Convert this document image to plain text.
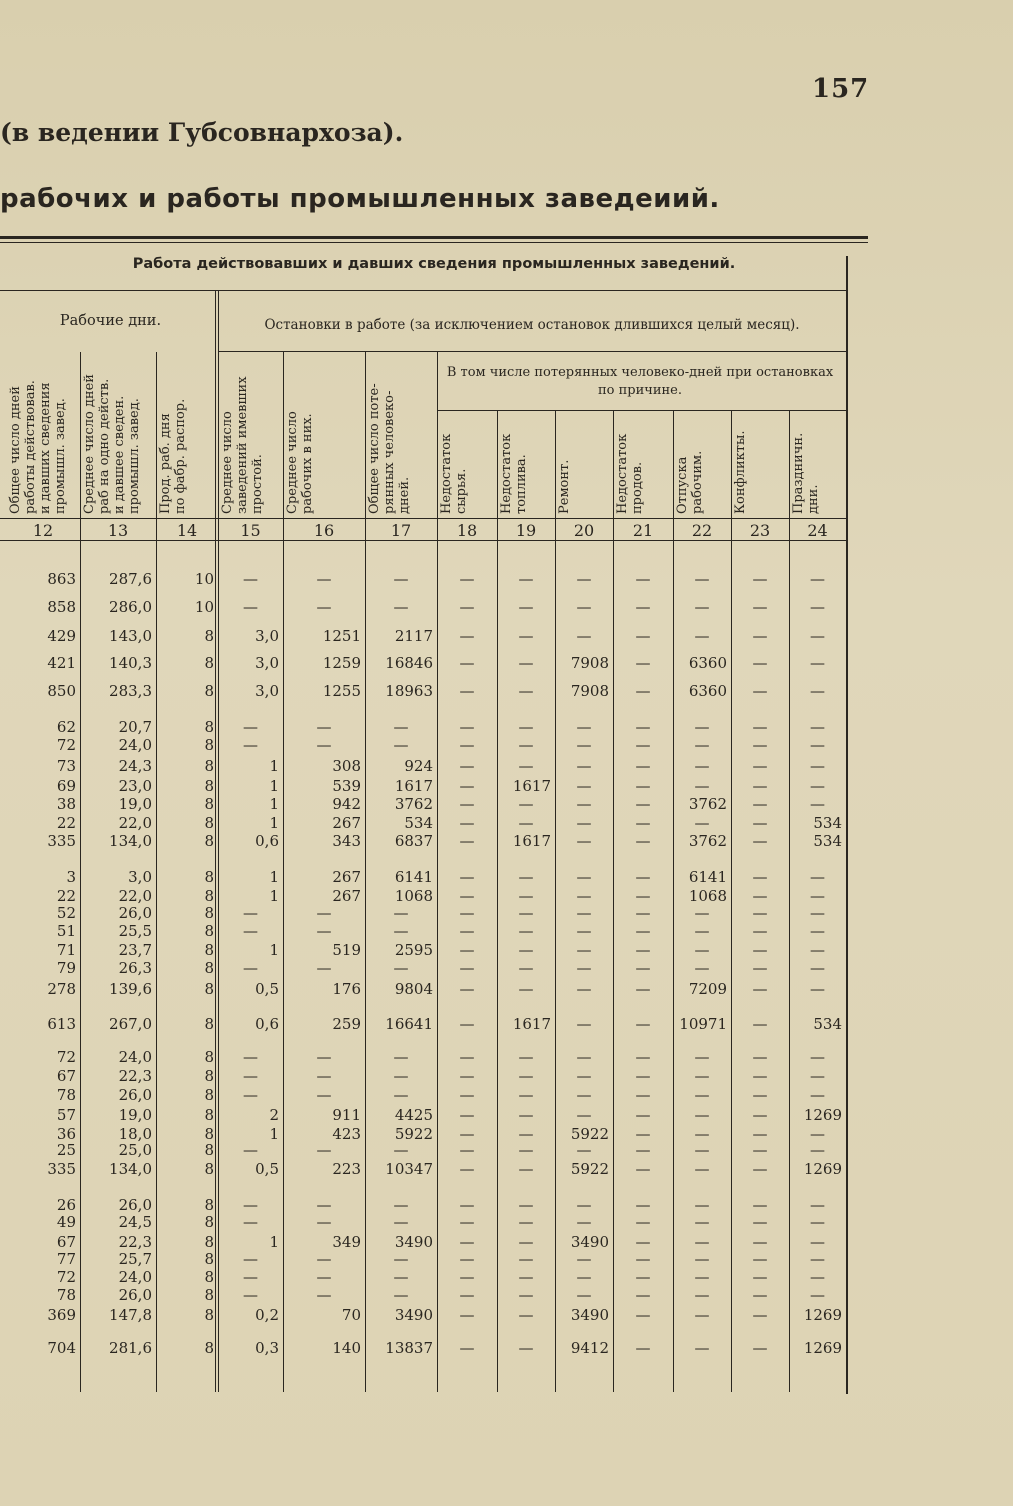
157
(в ведении Губсовнархоза).
рабочих и работы промышленных заведеиий.
Работа действовавших и давших сведения промышленных заведений.
Рабочие дни.	Остановки в работе (за исключением остановок длившихся целый месяц).
В том числе потерянных человеко-дней при остановках по причине.
Общее число дней
работы действовав.
и давших сведения
промышл. завед.
12
Среднее число дней
раб на одно действ.
и давшее сведен.
промышл. завед.
13
Прод. раб. дня
по фабр. распор.
14
Среднее число
заведений имевших
простой.
15
Среднее число
рабочих в них.
16
Общее число поте-
рянных человеко-
дней.
17
Недостаток
сырья.
18
Недостаток
топлива.
19
Ремонт.
20
Недостаток
продов.
21
Отпуска
рабочим.
22
Конфликты.
23
Праздничн.
дни.
24
863	287,6	10	—	—	—	—	—	—	—	—	—	—
858	286,0	10	—	—	—	—	—	—	—	—	—	—
429	143,0	8	3,0	1251	2117	—	—	—	—	—	—	—
421	140,3	8	3,0	1259	16846	—	—	7908	—	6360	—	—
850	283,3	8	3,0	1255	18963	—	—	7908	—	6360	—	—
62	20,7	8	—	—	—	—	—	—	—	—	—	—
72	24,0	8	—	—	—	—	—	—	—	—	—	—
73	24,3	8	1	308	924	—	—	—	—	—	—	—
69	23,0	8	1	539	1617	—	1617	—	—	—	—	—
38	19,0	8	1	942	3762	—	—	—	—	3762	—	—
22	22,0	8	1	267	534	—	—	—	—	—	—	534
335	134,0	8	0,6	343	6837	—	1617	—	—	3762	—	534
3	3,0	8	1	267	6141	—	—	—	—	6141	—	—
22	22,0	8	1	267	1068	—	—	—	—	1068	—	—
52	26,0	8	—	—	—	—	—	—	—	—	—	—
51	25,5	8	—	—	—	—	—	—	—	—	—	—
71	23,7	8	1	519	2595	—	—	—	—	—	—	—
79	26,3	8	—	—	—	—	—	—	—	—	—	—
278	139,6	8	0,5	176	9804	—	—	—	—	7209	—	—
613	267,0	8	0,6	259	16641	—	1617	—	—	10971	—	534
72	24,0	8	—	—	—	—	—	—	—	—	—	—
67	22,3	8	—	—	—	—	—	—	—	—	—	—
78	26,0	8	—	—	—	—	—	—	—	—	—	—
57	19,0	8	2	911	4425	—	—	—	—	—	—	1269
36	18,0	8	1	423	5922	—	—	5922	—	—	—	—
25	25,0	8	—	—	—	—	—	—	—	—	—	—
335	134,0	8	0,5	223	10347	—	—	5922	—	—	—	1269
26	26,0	8	—	—	—	—	—	—	—	—	—	—
49	24,5	8	—	—	—	—	—	—	—	—	—	—
67	22,3	8	1	349	3490	—	—	3490	—	—	—	—
77	25,7	8	—	—	—	—	—	—	—	—	—	—
72	24,0	8	—	—	—	—	—	—	—	—	—	—
78	26,0	8	—	—	—	—	—	—	—	—	—	—
369	147,8	8	0,2	70	3490	—	—	3490	—	—	—	1269
704	281,6	8	0,3	140	13837	—	—	9412	—	—	—	1269
